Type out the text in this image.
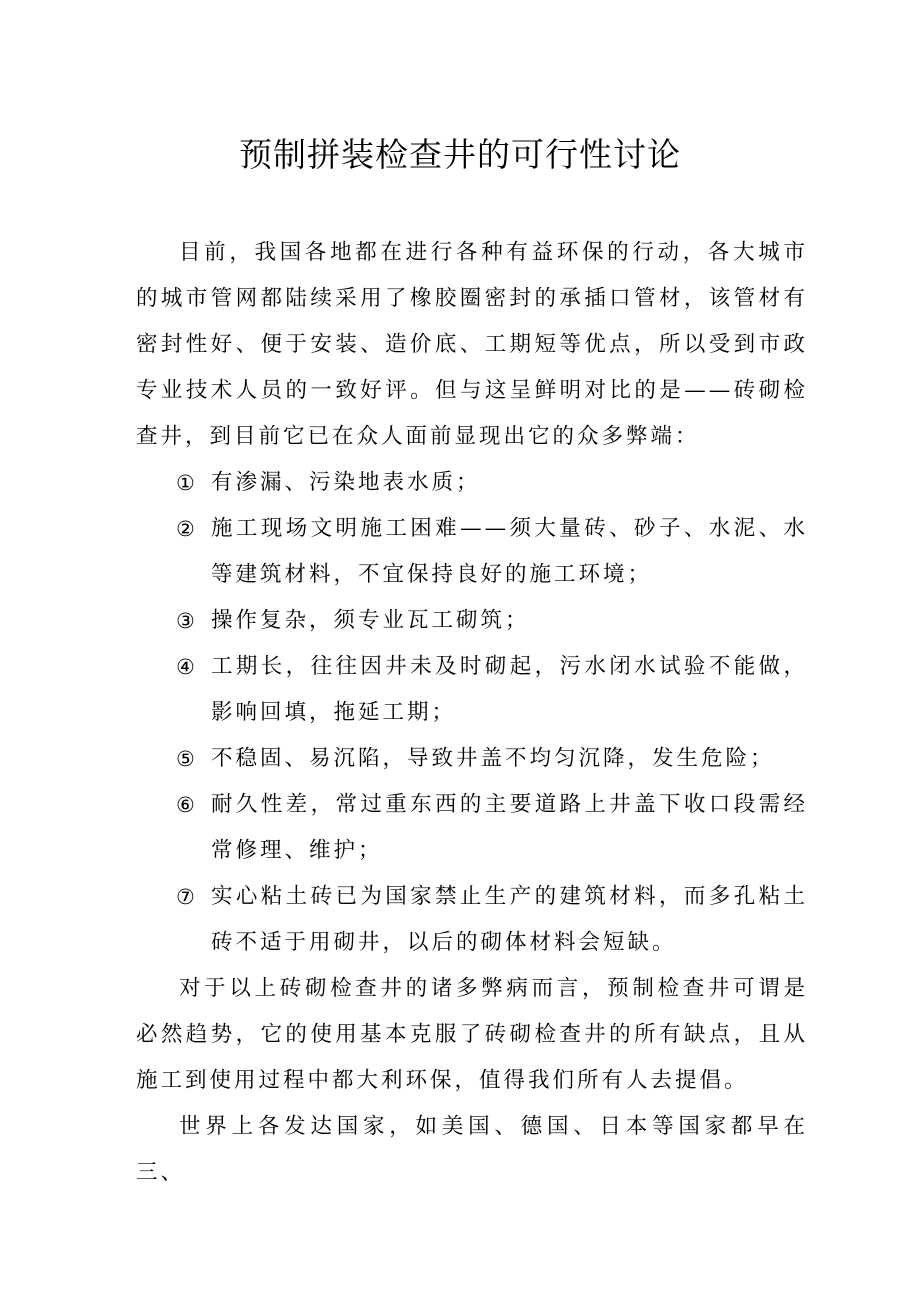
预制拼装检查井的可行性讨论

目前，我国各地都在进行各种有益环保的行动，各大城市的城市管网都陆续采用了橡胶圈密封的承插口管材，该管材有密封性好、便于安装、造价底、工期短等优点，所以受到市政专业技术人员的一致好评。但与这呈鲜明对比的是——砖砌检查井，到目前它已在众人面前显现出它的众多弊端：

① 有渗漏、污染地表水质；
② 施工现场文明施工困难——须大量砖、砂子、水泥、水等建筑材料，不宜保持良好的施工环境；
③ 操作复杂，须专业瓦工砌筑；
④ 工期长，往往因井未及时砌起，污水闭水试验不能做，影响回填，拖延工期；
⑤ 不稳固、易沉陷，导致井盖不均匀沉降，发生危险；
⑥ 耐久性差，常过重东西的主要道路上井盖下收口段需经常修理、维护；
⑦ 实心粘土砖已为国家禁止生产的建筑材料，而多孔粘土砖不适于用砌井，以后的砌体材料会短缺。

对于以上砖砌检查井的诸多弊病而言，预制检查井可谓是必然趋势，它的使用基本克服了砖砌检查井的所有缺点，且从施工到使用过程中都大利环保，值得我们所有人去提倡。

世界上各发达国家，如美国、德国、日本等国家都早在三、
